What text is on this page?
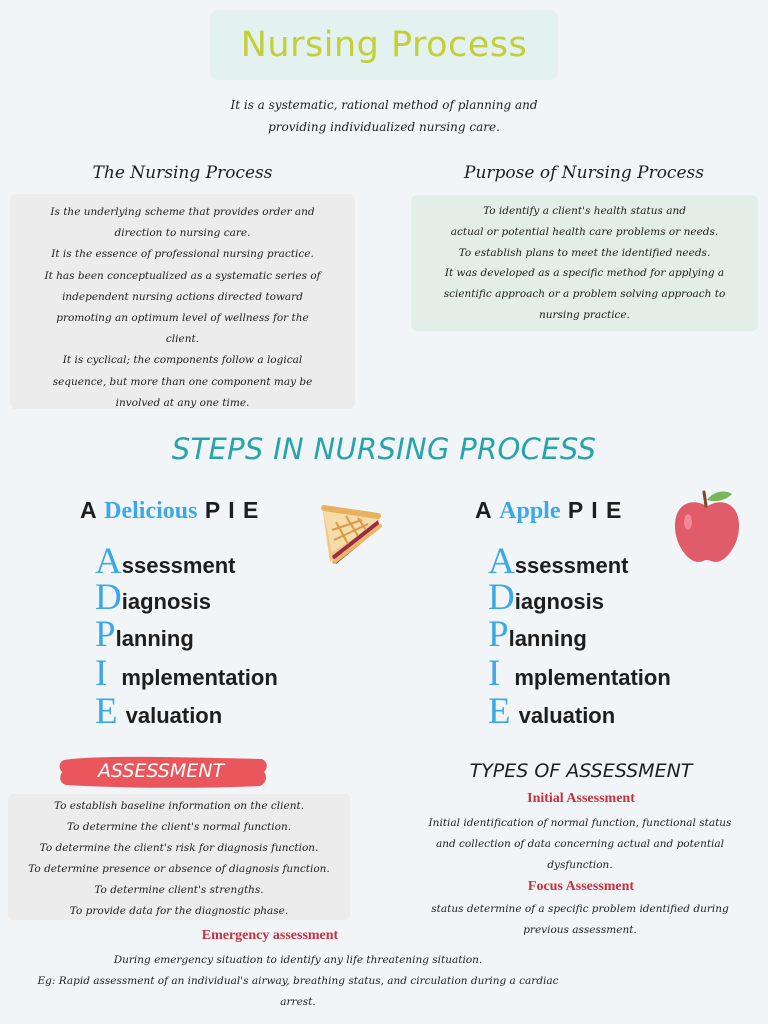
Nursing Process
It is a systematic, rational method of planning and
providing individualized nursing care.
The Nursing Process
Is the underlying scheme that provides order and
direction to nursing care.
It is the essence of professional nursing practice.
It has been conceptualized as a systematic series of
independent nursing actions directed toward
promoting an optimum level of wellness for the
client.
It is cyclical; the components follow a logical
sequence, but more than one component may be
involved at any one time.
Purpose of Nursing Process
To identify a client's health status and
actual or potential health care problems or needs.
To establish plans to meet the identified needs.
It was developed as a specific method for applying a
scientific approach or a problem solving approach to
nursing practice.
STEPS IN NURSING PROCESS
A Delicious P I E	A Apple P I E
Assessment
Diagnosis
Planning
I mplementation
E valuation
Assessment
Diagnosis
Planning
I mplementation
E valuation
ASSESSMENT
To establish baseline information on the client.
To determine the client's normal function.
To determine the client's risk for diagnosis function.
To determine presence or absence of diagnosis function.
To determine client's strengths.
To provide data for the diagnostic phase.
TYPES OF ASSESSMENT
Initial Assessment
Initial identification of normal function, functional status
and collection of data concerning actual and potential
dysfunction.
Focus Assessment
status determine of a specific problem identified during
previous assessment.
Emergency assessment
During emergency situation to identify any life threatening situation.
Eg: Rapid assessment of an individual's airway, breathing status, and circulation during a cardiac
arrest.
